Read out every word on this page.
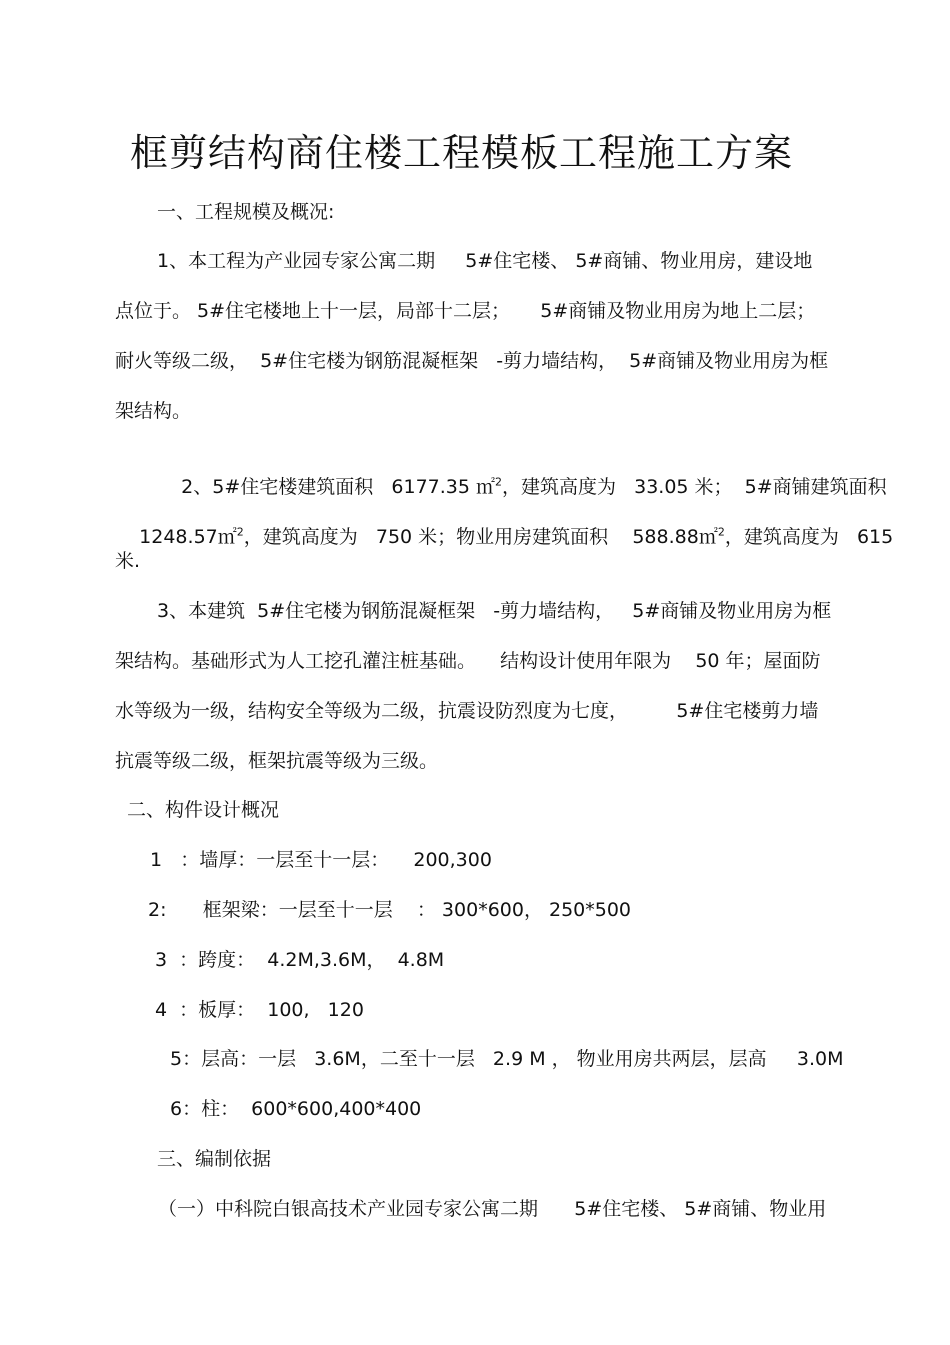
框剪结构商住楼工程模板工程施工方案
一、工程规模及概况:
1、本工程为产业园专家公寓二期     5#住宅楼、 5#商铺、物业用房，建设地
点位于。 5#住宅楼地上十一层，局部十二层；     5#商铺及物业用房为地上二层；
耐火等级二级，  5#住宅楼为钢筋混凝框架   -剪力墙结构，  5#商铺及物业用房为框
架结构。

2、5#住宅楼建筑面积   6177.35 ㎡$^2$，建筑高度为   33.05 米；  5#商铺建筑面积

1248.57㎡$^2$，建筑高度为   750 米；物业用房建筑面积    588.88㎡$^2$，建筑高度为   615

米.
3、本建筑  5#住宅楼为钢筋混凝框架   -剪力墙结构，   5#商铺及物业用房为框
架结构。基础形式为人工挖孔灌注桩基础。    结构设计使用年限为    50 年；屋面防
水等级为一级，结构安全等级为二级，抗震设防烈度为七度，        5#住宅楼剪力墙
抗震等级二级，框架抗震等级为三级。
二、构件设计概况
1   ：墙厚：一层至十一层：    200,300
2:      框架梁：一层至十一层    ： 300*600， 250*500
3  ：跨度：  4.2M,3.6M，  4.8M
4  ：板厚：  100,   120
5：层高：一层   3.6M，二至十一层   2.9 M ， 物业用房共两层，层高     3.0M
6：柱：  600*600,400*400
三、编制依据
（一）中科院白银高技术产业园专家公寓二期      5#住宅楼、 5#商铺、物业用
